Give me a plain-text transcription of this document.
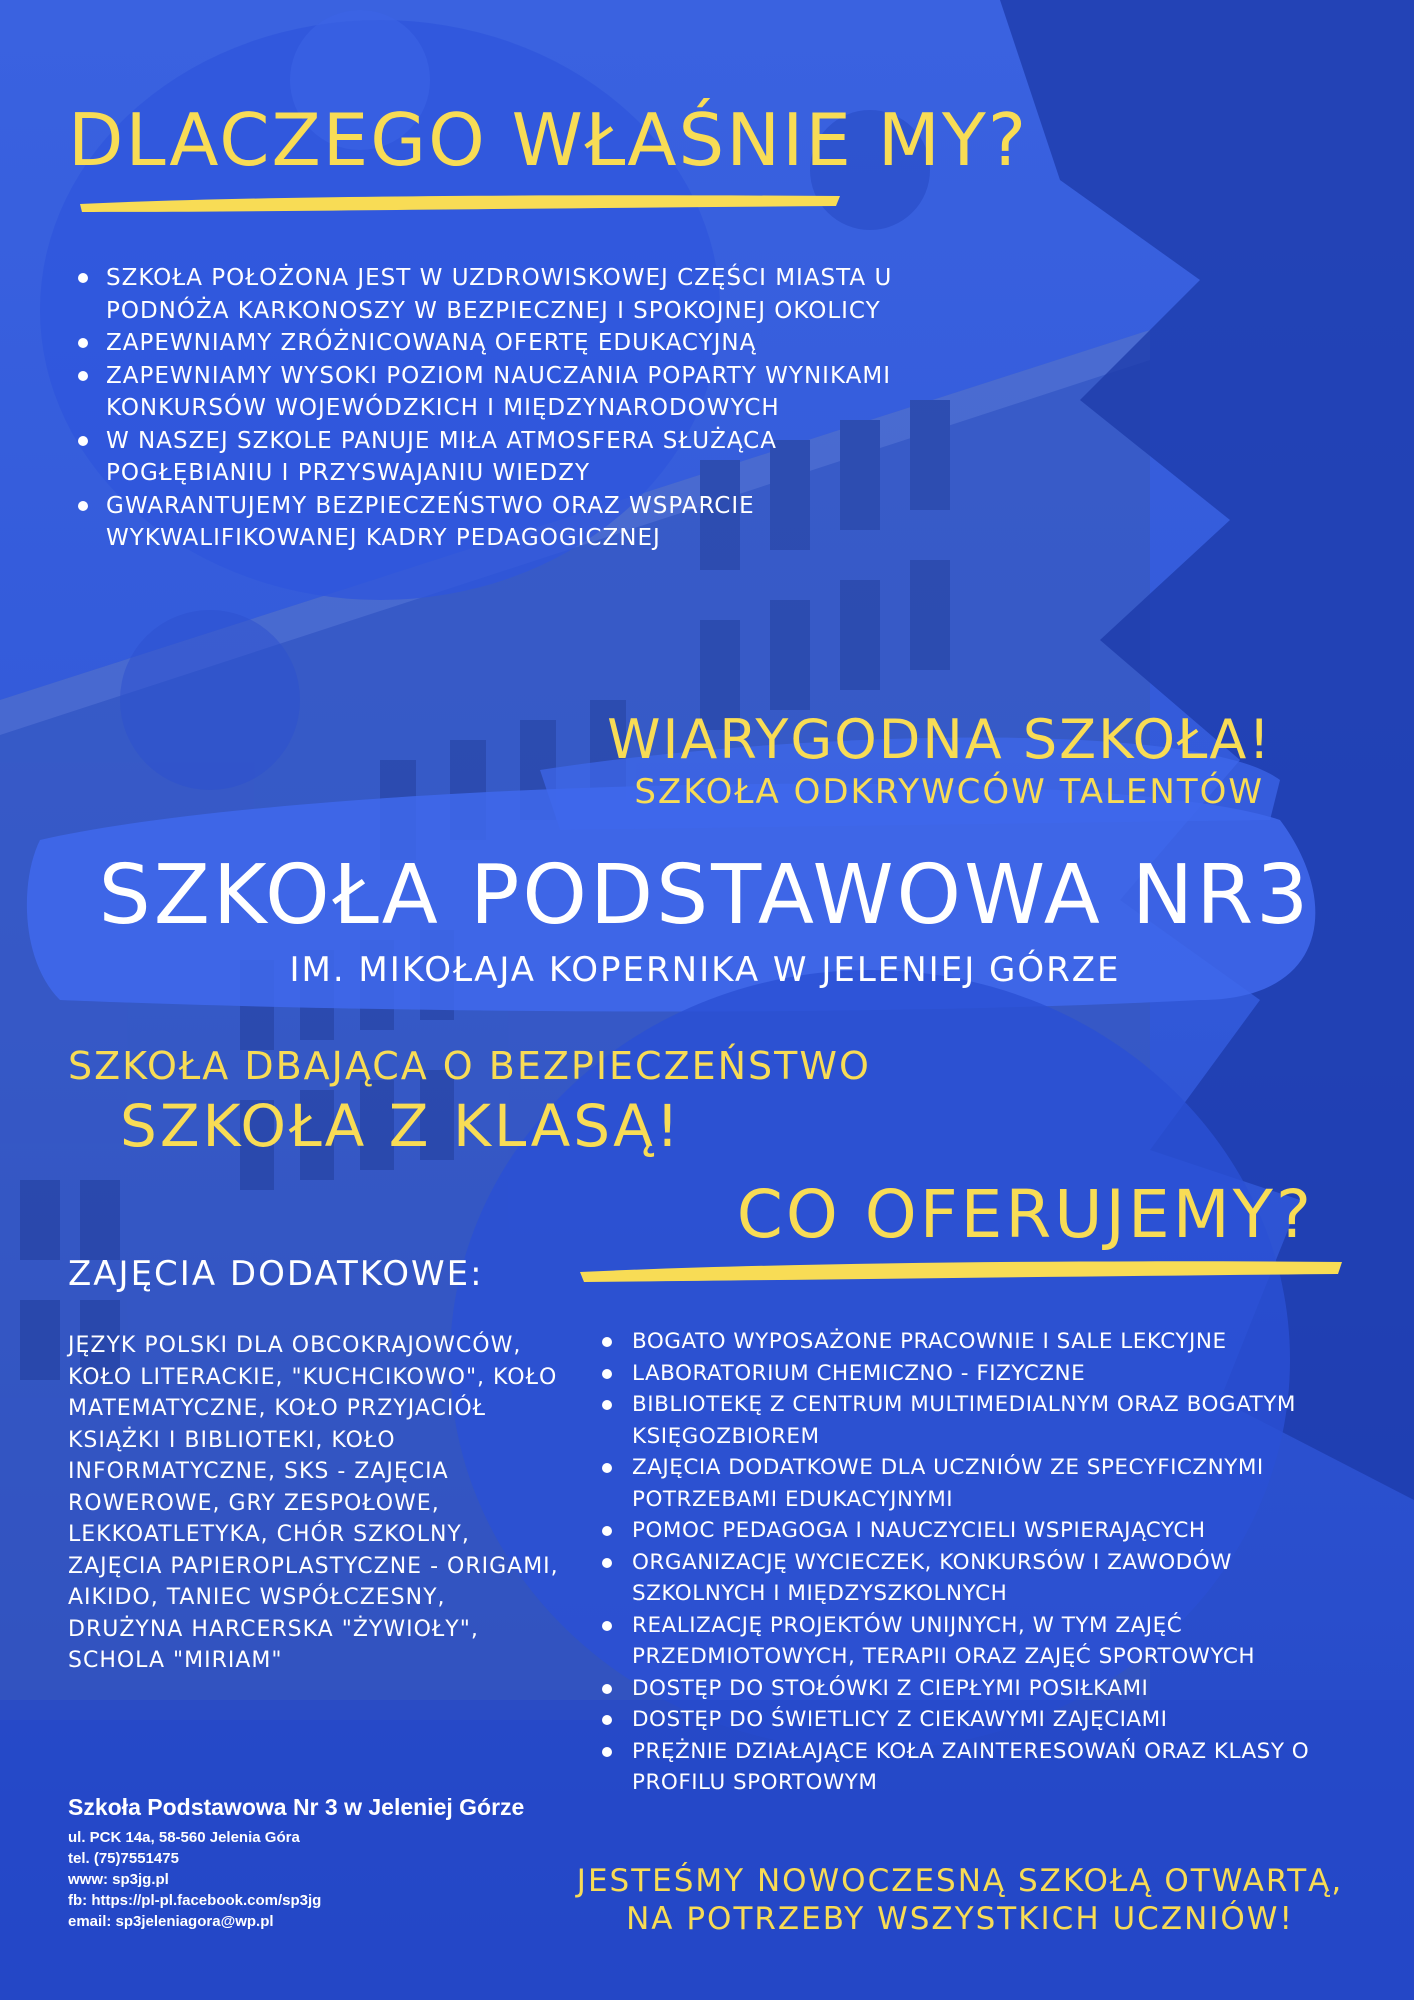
DLACZEGO WŁAŚNIE MY?
SZKOŁA POŁOŻONA JEST W UZDROWISKOWEJ CZĘŚCI MIASTA U PODNÓŻA KARKONOSZY W BEZPIECZNEJ I SPOKOJNEJ OKOLICY
ZAPEWNIAMY ZRÓŻNICOWANĄ OFERTĘ EDUKACYJNĄ
ZAPEWNIAMY WYSOKI POZIOM NAUCZANIA POPARTY WYNIKAMI KONKURSÓW WOJEWÓDZKICH I MIĘDZYNARODOWYCH
W NASZEJ SZKOLE PANUJE MIŁA ATMOSFERA SŁUŻĄCA POGŁĘBIANIU I PRZYSWAJANIU WIEDZY
GWARANTUJEMY BEZPIECZEŃSTWO ORAZ WSPARCIE WYKWALIFIKOWANEJ KADRY PEDAGOGICZNEJ
WIARYGODNA SZKOŁA!
SZKOŁA ODKRYWCÓW TALENTÓW
SZKOŁA PODSTAWOWA NR3
IM. MIKOŁAJA KOPERNIKA W JELENIEJ GÓRZE
SZKOŁA DBAJĄCA O BEZPIECZEŃSTWO
SZKOŁA Z KLASĄ!
CO OFERUJEMY?
ZAJĘCIA DODATKOWE:

JĘZYK POLSKI DLA OBCOKRAJOWCÓW, KOŁO LITERACKIE, "KUCHCIKOWO", KOŁO MATEMATYCZNE, KOŁO PRZYJACIÓŁ KSIĄŻKI I BIBLIOTEKI, KOŁO INFORMATYCZNE, SKS - ZAJĘCIA ROWEROWE, GRY ZESPOŁOWE, LEKKOATLETYKA, CHÓR SZKOLNY, ZAJĘCIA PAPIEROPLASTYCZNE - ORIGAMI, AIKIDO, TANIEC WSPÓŁCZESNY, DRUŻYNA HARCERSKA "ŻYWIOŁY", SCHOLA "MIRIAM"

BOGATO WYPOSAŻONE PRACOWNIE I SALE LEKCYJNE
LABORATORIUM CHEMICZNO - FIZYCZNE
BIBLIOTEKĘ Z CENTRUM MULTIMEDIALNYM ORAZ BOGATYM KSIĘGOZBIOREM
ZAJĘCIA DODATKOWE DLA UCZNIÓW ZE SPECYFICZNYMI POTRZEBAMI EDUKACYJNYMI
POMOC PEDAGOGA I NAUCZYCIELI WSPIERAJĄCYCH
ORGANIZACJĘ WYCIECZEK, KONKURSÓW I ZAWODÓW SZKOLNYCH I MIĘDZYSZKOLNYCH
REALIZACJĘ PROJEKTÓW UNIJNYCH, W TYM ZAJĘĆ PRZEDMIOTOWYCH, TERAPII ORAZ ZAJĘĆ SPORTOWYCH
DOSTĘP DO STOŁÓWKI Z CIEPŁYMI POSIŁKAMI
DOSTĘP DO ŚWIETLICY Z CIEKAWYMI ZAJĘCIAMI
PRĘŻNIE DZIAŁAJĄCE KOŁA ZAINTERESOWAŃ ORAZ KLASY O PROFILU SPORTOWYM
Szkoła Podstawowa Nr 3 w Jeleniej Górze
ul. PCK 14a, 58-560 Jelenia Góra
tel. (75)7551475
www: sp3jg.pl
fb: https://pl-pl.facebook.com/sp3jg
email: sp3jeleniagora@wp.pl
JESTEŚMY NOWOCZESNĄ SZKOŁĄ OTWARTĄ,
NA POTRZEBY WSZYSTKICH UCZNIÓW!
